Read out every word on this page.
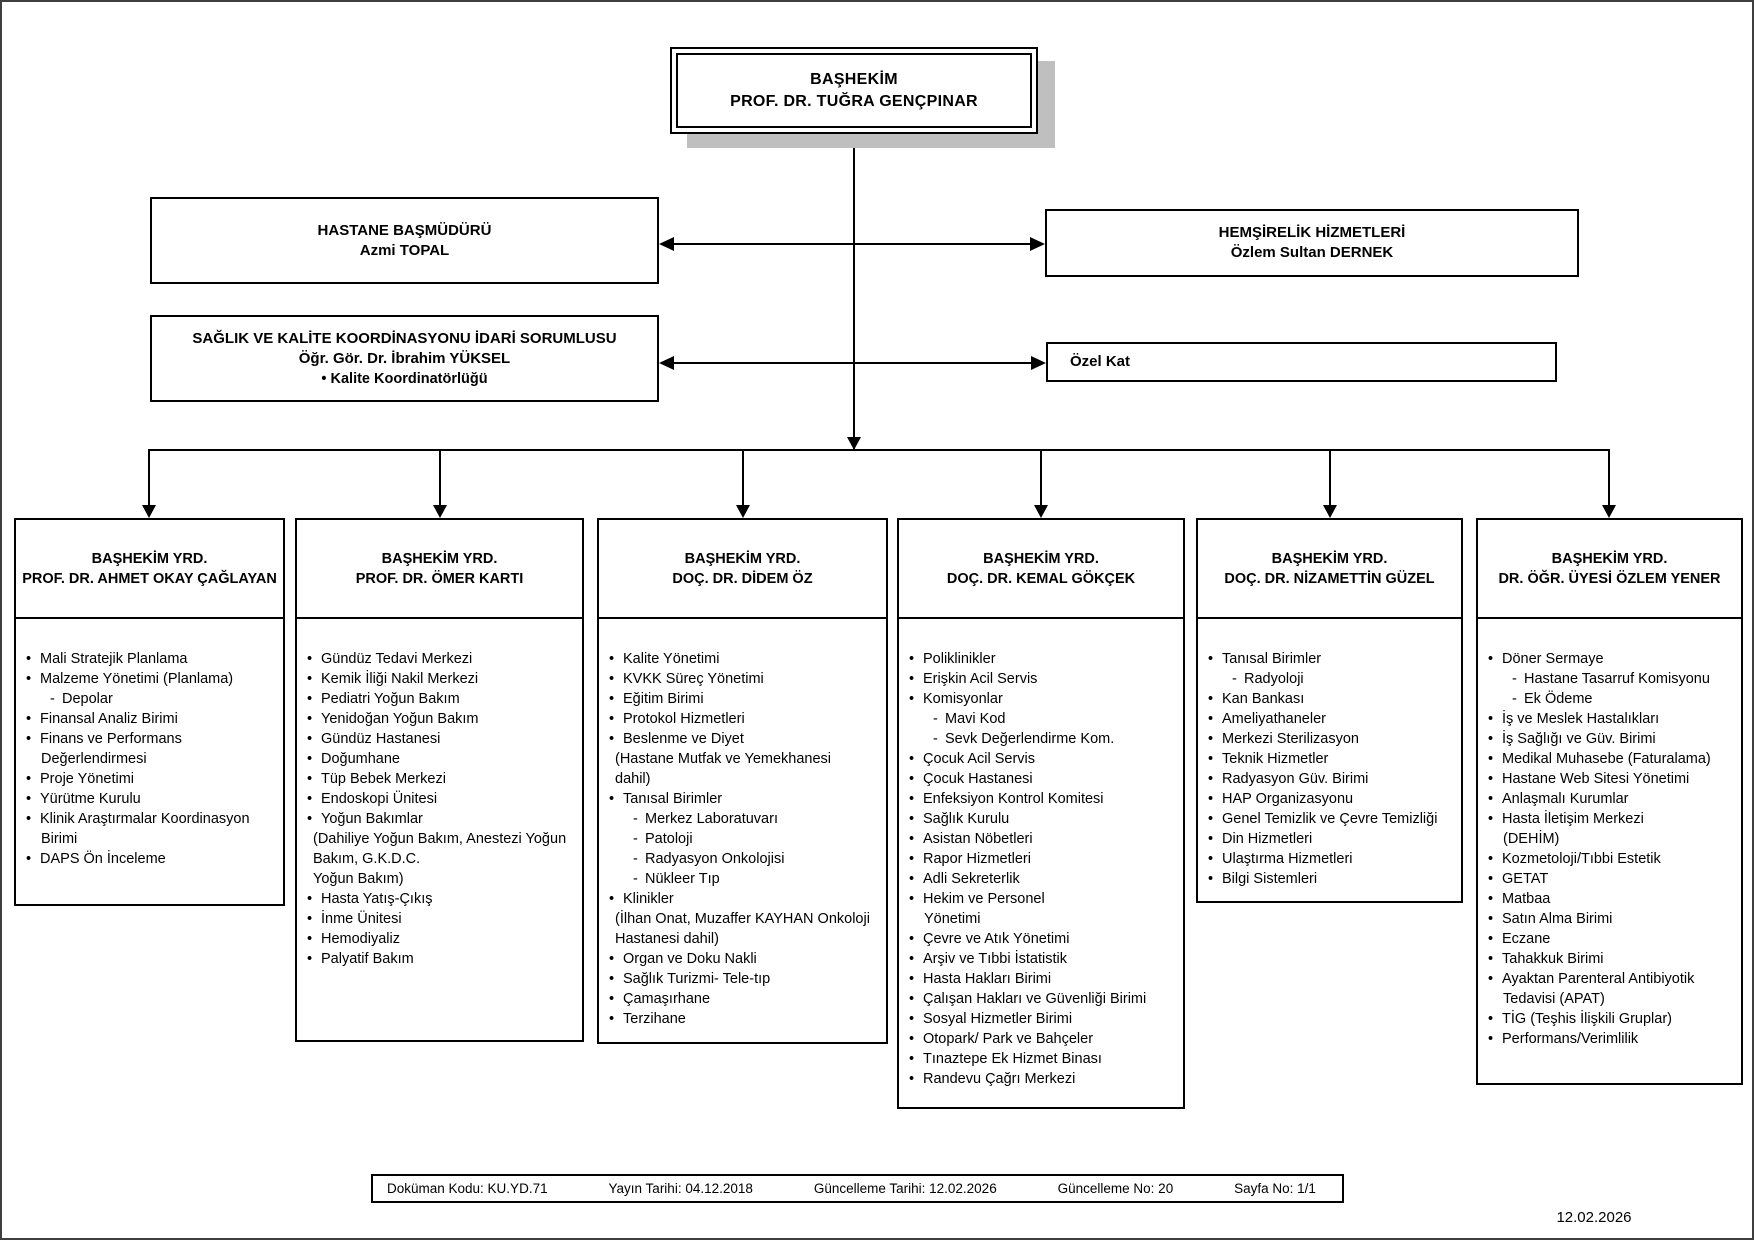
BAŞHEKİM
PROF. DR. TUĞRA GENÇPINAR
HASTANE BAŞMÜDÜRÜ
Azmi TOPAL
HEMŞİRELİK HİZMETLERİ
Özlem Sultan DERNEK
SAĞLIK VE KALİTE KOORDİNASYONU İDARİ SORUMLUSU
Öğr. Gör. Dr. İbrahim YÜKSEL
• Kalite Koordinatörlüğü
Özel Kat
BAŞHEKİM YRD.
PROF. DR. AHMET OKAY ÇAĞLAYAN
• Mali Stratejik Planlama
• Malzeme Yönetimi (Planlama)
- Depolar
• Finansal Analiz Birimi
• Finans ve Performans
Değerlendirmesi
• Proje Yönetimi
• Yürütme Kurulu
• Klinik Araştırmalar Koordinasyon
Birimi
• DAPS Ön İnceleme
BAŞHEKİM YRD.
PROF. DR. ÖMER KARTI
• Gündüz Tedavi Merkezi
• Kemik İliği Nakil Merkezi
• Pediatri Yoğun Bakım
• Yenidoğan Yoğun Bakım
• Gündüz Hastanesi
• Doğumhane
• Tüp Bebek Merkezi
• Endoskopi Ünitesi
• Yoğun Bakımlar
(Dahiliye Yoğun Bakım, Anestezi Yoğun
Bakım, G.K.D.C.
Yoğun Bakım)
• Hasta Yatış-Çıkış
• İnme Ünitesi
• Hemodiyaliz
• Palyatif Bakım
BAŞHEKİM YRD.
DOÇ. DR. DİDEM ÖZ
• Kalite Yönetimi
• KVKK Süreç Yönetimi
• Eğitim Birimi
• Protokol Hizmetleri
• Beslenme ve Diyet
(Hastane Mutfak ve Yemekhanesi
dahil)
• Tanısal Birimler
- Merkez Laboratuvarı
- Patoloji
- Radyasyon Onkolojisi
- Nükleer Tıp
• Klinikler
(İlhan Onat, Muzaffer KAYHAN Onkoloji
Hastanesi dahil)
• Organ ve Doku Nakli
• Sağlık Turizmi- Tele-tıp
• Çamaşırhane
• Terzihane
BAŞHEKİM YRD.
DOÇ. DR. KEMAL GÖKÇEK
• Poliklinikler
• Erişkin Acil Servis
• Komisyonlar
- Mavi Kod
- Sevk Değerlendirme Kom.
• Çocuk Acil Servis
• Çocuk Hastanesi
• Enfeksiyon Kontrol Komitesi
• Sağlık Kurulu
• Asistan Nöbetleri
• Rapor Hizmetleri
• Adli Sekreterlik
• Hekim ve Personel
Yönetimi
• Çevre ve Atık Yönetimi
• Arşiv ve Tıbbi İstatistik
• Hasta Hakları Birimi
• Çalışan Hakları ve Güvenliği Birimi
• Sosyal Hizmetler Birimi
• Otopark/ Park ve Bahçeler
• Tınaztepe Ek Hizmet Binası
• Randevu Çağrı Merkezi
BAŞHEKİM YRD.
DOÇ. DR. NİZAMETTİN GÜZEL
• Tanısal Birimler
- Radyoloji
• Kan Bankası
• Ameliyathaneler
• Merkezi Sterilizasyon
• Teknik Hizmetler
• Radyasyon Güv. Birimi
• HAP Organizasyonu
• Genel Temizlik ve Çevre Temizliği
• Din Hizmetleri
• Ulaştırma Hizmetleri
• Bilgi Sistemleri
BAŞHEKİM YRD.
DR. ÖĞR. ÜYESİ ÖZLEM YENER
• Döner Sermaye
- Hastane Tasarruf Komisyonu
- Ek Ödeme
• İş ve Meslek Hastalıkları
• İş Sağlığı ve Güv. Birimi
• Medikal Muhasebe (Faturalama)
• Hastane Web Sitesi Yönetimi
• Anlaşmalı Kurumlar
• Hasta İletişim Merkezi
(DEHİM)
• Kozmetoloji/Tıbbi Estetik
• GETAT
• Matbaa
• Satın Alma Birimi
• Eczane
• Tahakkuk Birimi
• Ayaktan Parenteral Antibiyotik
Tedavisi (APAT)
• TİG (Teşhis İlişkili Gruplar)
• Performans/Verimlilik
Doküman Kodu: KU.YD.71	Yayın Tarihi: 04.12.2018	Güncelleme Tarihi: 12.02.2026	Güncelleme No: 20	Sayfa No: 1/1
12.02.2026
